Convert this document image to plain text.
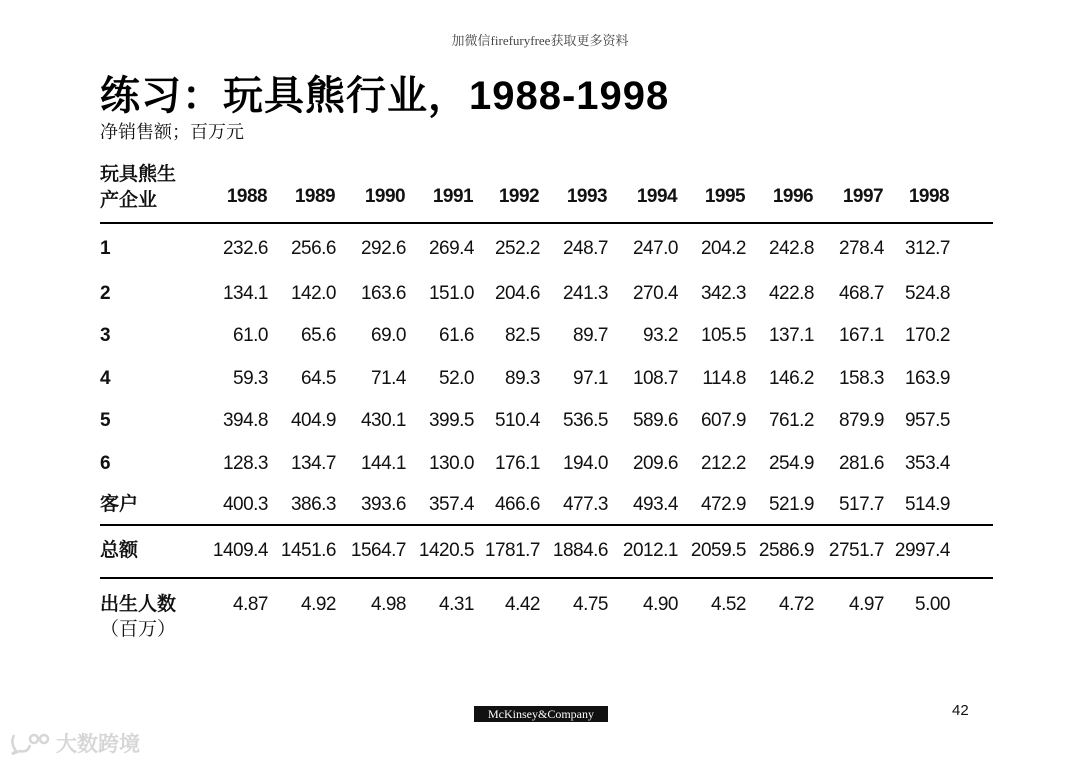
加微信firefuryfree获取更多资料
练习：玩具熊行业，1988-1998
净销售额；百万元
玩具熊生
产企业	1988	1989	1990	1991	1992	1993	1994	1995	1996	1997	1998
1	232.6	256.6	292.6	269.4	252.2	248.7	247.0	204.2	242.8	278.4	312.7
2	134.1	142.0	163.6	151.0	204.6	241.3	270.4	342.3	422.8	468.7	524.8
3	61.0	65.6	69.0	61.6	82.5	89.7	93.2	105.5	137.1	167.1	170.2
4	59.3	64.5	71.4	52.0	89.3	97.1	108.7	114.8	146.2	158.3	163.9
5	394.8	404.9	430.1	399.5	510.4	536.5	589.6	607.9	761.2	879.9	957.5
6	128.3	134.7	144.1	130.0	176.1	194.0	209.6	212.2	254.9	281.6	353.4
客户	400.3	386.3	393.6	357.4	466.6	477.3	493.4	472.9	521.9	517.7	514.9
总额	1409.4 1451.6 1564.7 1420.5 1781.7 1884.6 2012.1 2059.5 2586.9 2751.7 2997.4
出生人数
（百万）
4.87	4.92	4.98	4.31	4.42	4.75	4.90	4.52	4.72	4.97	5.00
McKinsey&Company	42
大数跨境
